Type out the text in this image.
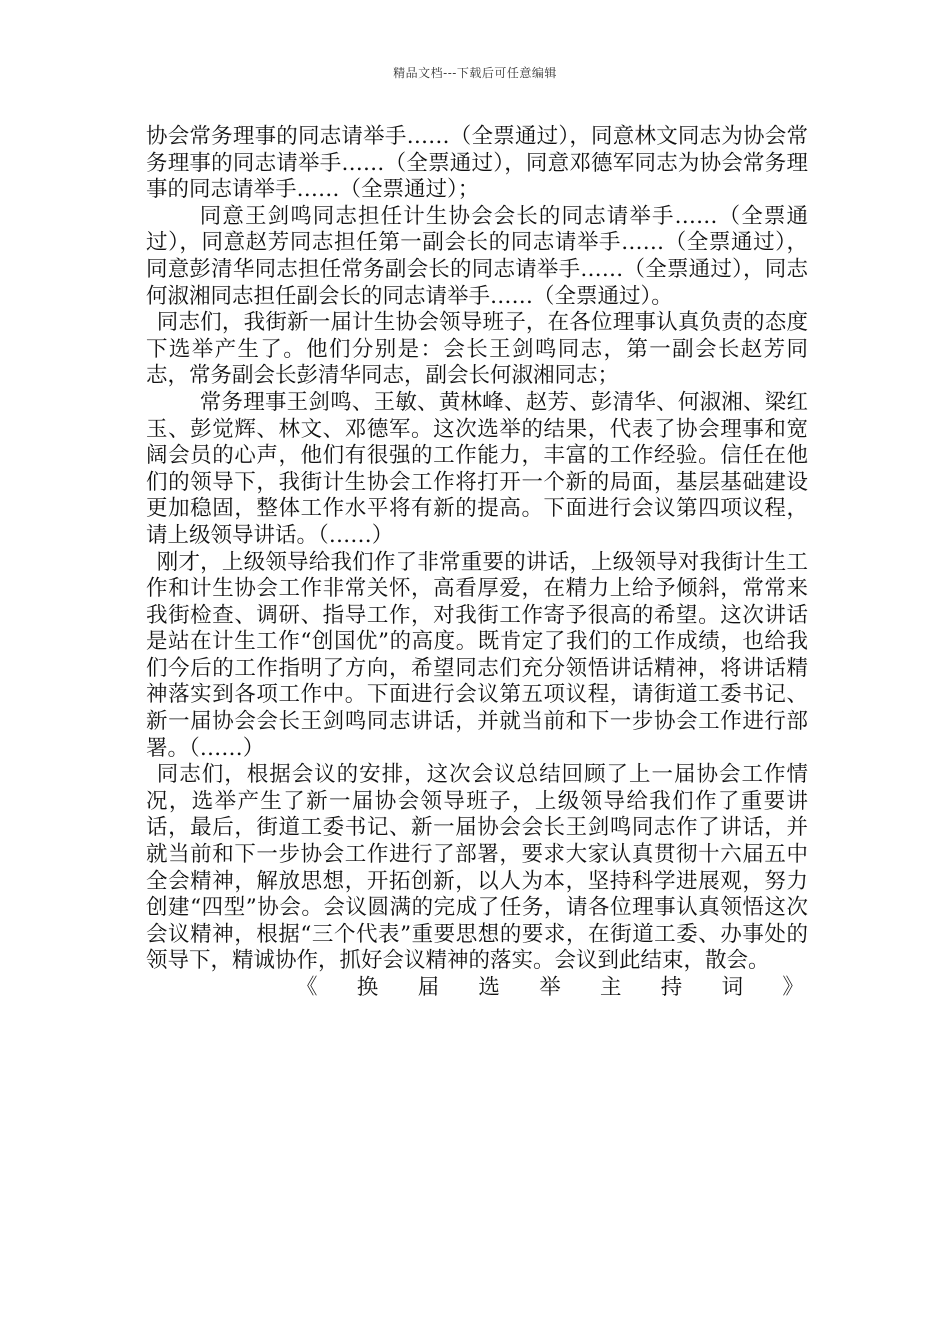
精品文档---下载后可任意编辑

协会常务理事的同志请举手……（全票通过），同意林文同志为协会常务理事的同志请举手……（全票通过），同意邓德军同志为协会常务理事的同志请举手……（全票通过）；

同意王剑鸣同志担任计生协会会长的同志请举手……（全票通过），同意赵芳同志担任第一副会长的同志请举手……（全票通过），同意彭清华同志担任常务副会长的同志请举手……（全票通过），同志何淑湘同志担任副会长的同志请举手……（全票通过）。

同志们，我街新一届计生协会领导班子，在各位理事认真负责的态度下选举产生了。他们分别是：会长王剑鸣同志，第一副会长赵芳同志，常务副会长彭清华同志，副会长何淑湘同志；

常务理事王剑鸣、王敏、黄林峰、赵芳、彭清华、何淑湘、梁红玉、彭觉辉、林文、邓德军。这次选举的结果，代表了协会理事和宽阔会员的心声，他们有很强的工作能力，丰富的工作经验。信任在他们的领导下，我街计生协会工作将打开一个新的局面，基层基础建设更加稳固，整体工作水平将有新的提高。下面进行会议第四项议程，请上级领导讲话。（……）

刚才，上级领导给我们作了非常重要的讲话，上级领导对我街计生工作和计生协会工作非常关怀，高看厚爱，在精力上给予倾斜，常常来我街检查、调研、指导工作，对我街工作寄予很高的希望。这次讲话是站在计生工作“创国优”的高度。既肯定了我们的工作成绩，也给我们今后的工作指明了方向，希望同志们充分领悟讲话精神，将讲话精神落实到各项工作中。下面进行会议第五项议程，请街道工委书记、新一届协会会长王剑鸣同志讲话，并就当前和下一步协会工作进行部署。（……）

同志们，根据会议的安排，这次会议总结回顾了上一届协会工作情况，选举产生了新一届协会领导班子，上级领导给我们作了重要讲话，最后，街道工委书记、新一届协会会长王剑鸣同志作了讲话，并就当前和下一步协会工作进行了部署，要求大家认真贯彻十六届五中全会精神，解放思想，开拓创新，以人为本，坚持科学进展观，努力创建“四型”协会。会议圆满的完成了任务，请各位理事认真领悟这次会议精神，根据“三个代表”重要思想的要求，在街道工委、办事处的领导下，精诚协作，抓好会议精神的落实。会议到此结束，散会。

《 换 届 选 举 主 持 词 》
